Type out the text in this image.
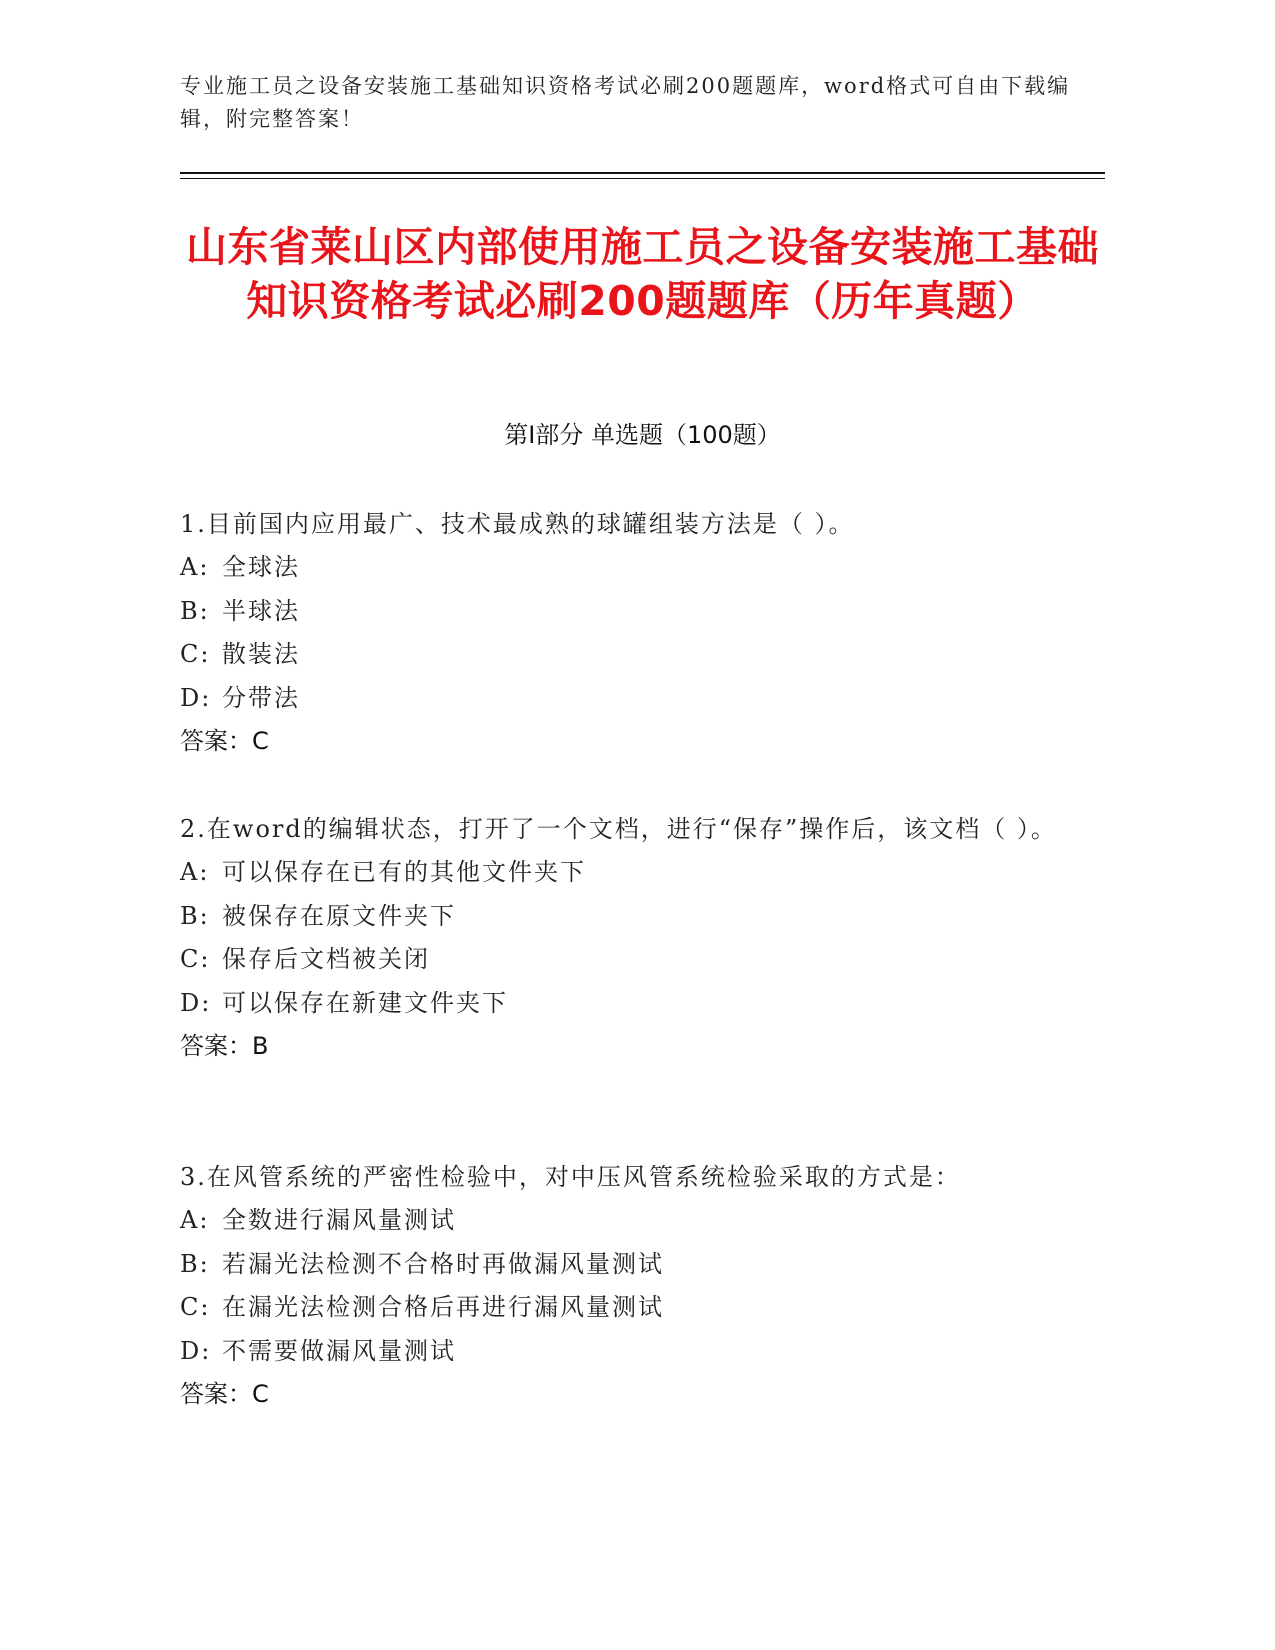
专业施工员之设备安装施工基础知识资格考试必刷200题题库，word格式可自由下载编辑，附完整答案！
山东省莱山区内部使用施工员之设备安装施工基础知识资格考试必刷200题题库（历年真题）
第I部分 单选题（100题）
1.目前国内应用最广、技术最成熟的球罐组装方法是（ ）。
A: 全球法
B: 半球法
C: 散装法
D: 分带法
答案：C
2.在word的编辑状态，打开了一个文档，进行“保存”操作后，该文档（ ）。
A: 可以保存在已有的其他文件夹下
B: 被保存在原文件夹下
C: 保存后文档被关闭
D: 可以保存在新建文件夹下
答案：B
3.在风管系统的严密性检验中，对中压风管系统检验采取的方式是：
A: 全数进行漏风量测试
B: 若漏光法检测不合格时再做漏风量测试
C: 在漏光法检测合格后再进行漏风量测试
D: 不需要做漏风量测试
答案：C
